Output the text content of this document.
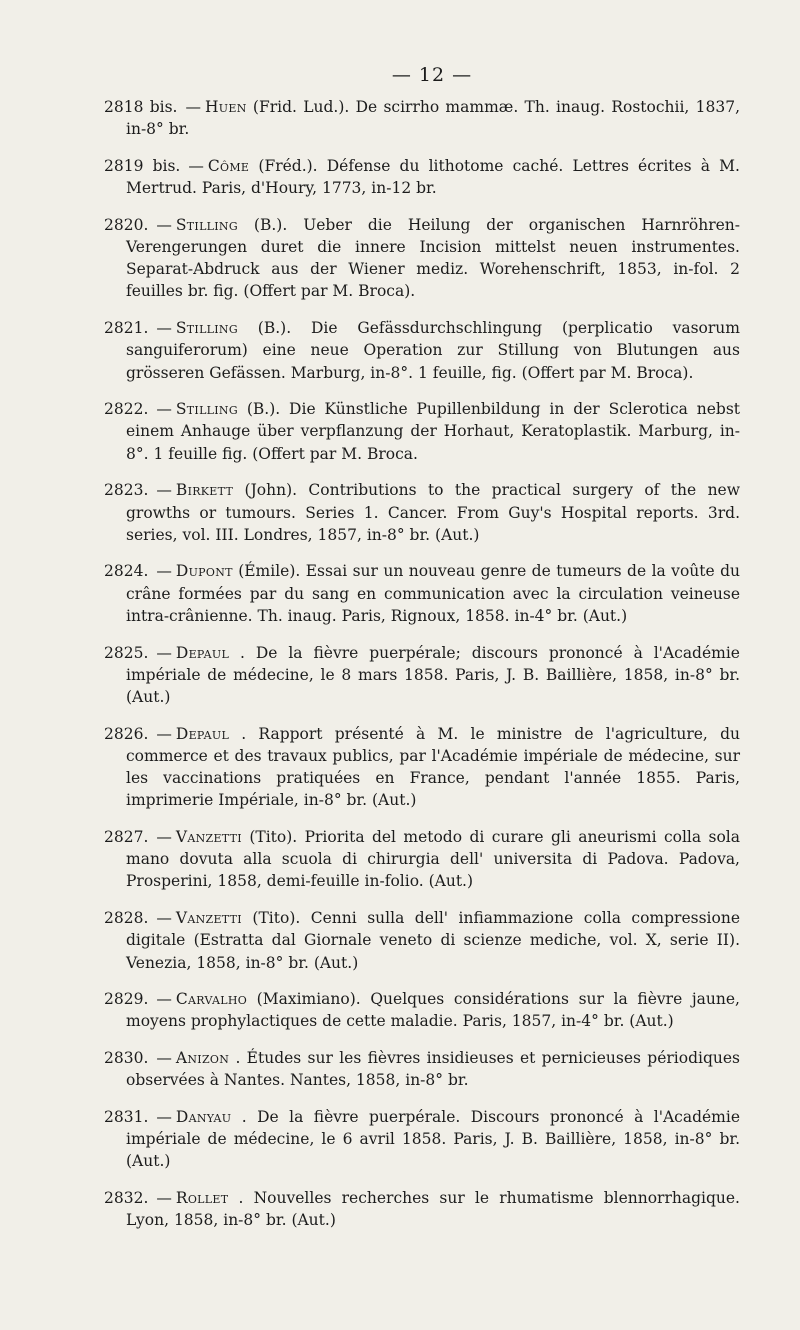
— 12 —

2818 bis. — Huen (Frid. Lud.). De scirrho mammæ. Th. inaug. Rostochii, 1837, in-8° br.

2819 bis. — Côme (Fréd.). Défense du lithotome caché. Lettres écrites à M. Mertrud. Paris, d'Houry, 1773, in-12 br.

2820. — Stilling (B.). Ueber die Heilung der organischen Harnröhren-Verengerungen duret die innere Incision mittelst neuen instrumentes. Separat-Abdruck aus der Wiener mediz. Worehenschrift, 1853, in-fol. 2 feuilles br. fig. (Offert par M. Broca).

2821. — Stilling (B.). Die Gefässdurchschlingung (perplicatio vasorum sanguiferorum) eine neue Operation zur Stillung von Blutungen aus grösseren Gefässen. Marburg, in-8°. 1 feuille, fig. (Offert par M. Broca).

2822. — Stilling (B.). Die Künstliche Pupillenbildung in der Sclerotica nebst einem Anhauge über verpflanzung der Horhaut, Keratoplastik. Marburg, in-8°. 1 feuille fig. (Offert par M. Broca.

2823. — Birkett (John). Contributions to the practical surgery of the new growths or tumours. Series 1. Cancer. From Guy's Hospital reports. 3rd. series, vol. III. Londres, 1857, in-8° br. (Aut.)

2824. — Dupont (Émile). Essai sur un nouveau genre de tumeurs de la voûte du crâne formées par du sang en communication avec la circulation veineuse intra-crânienne. Th. inaug. Paris, Rignoux, 1858. in-4° br. (Aut.)

2825. — Depaul . De la fièvre puerpérale; discours prononcé à l'Académie impériale de médecine, le 8 mars 1858. Paris, J. B. Baillière, 1858, in-8° br. (Aut.)

2826. — Depaul . Rapport présenté à M. le ministre de l'agriculture, du commerce et des travaux publics, par l'Académie impériale de médecine, sur les vaccinations pratiquées en France, pendant l'année 1855. Paris, imprimerie Impériale, in-8° br. (Aut.)

2827. — Vanzetti (Tito). Priorita del metodo di curare gli aneurismi colla sola mano dovuta alla scuola di chirurgia dell' universita di Padova. Padova, Prosperini, 1858, demi-feuille in-folio. (Aut.)

2828. — Vanzetti (Tito). Cenni sulla dell' infiammazione colla compressione digitale (Estratta dal Giornale veneto di scienze mediche, vol. X, serie II). Venezia, 1858, in-8° br. (Aut.)

2829. — Carvalho (Maximiano). Quelques considérations sur la fièvre jaune, moyens prophylactiques de cette maladie. Paris, 1857, in-4° br. (Aut.)

2830. — Anizon . Études sur les fièvres insidieuses et pernicieuses périodiques observées à Nantes. Nantes, 1858, in-8° br.

2831. — Danyau . De la fièvre puerpérale. Discours prononcé à l'Académie impériale de médecine, le 6 avril 1858. Paris, J. B. Baillière, 1858, in-8° br. (Aut.)

2832. — Rollet . Nouvelles recherches sur le rhumatisme blennorrhagique. Lyon, 1858, in-8° br. (Aut.)
